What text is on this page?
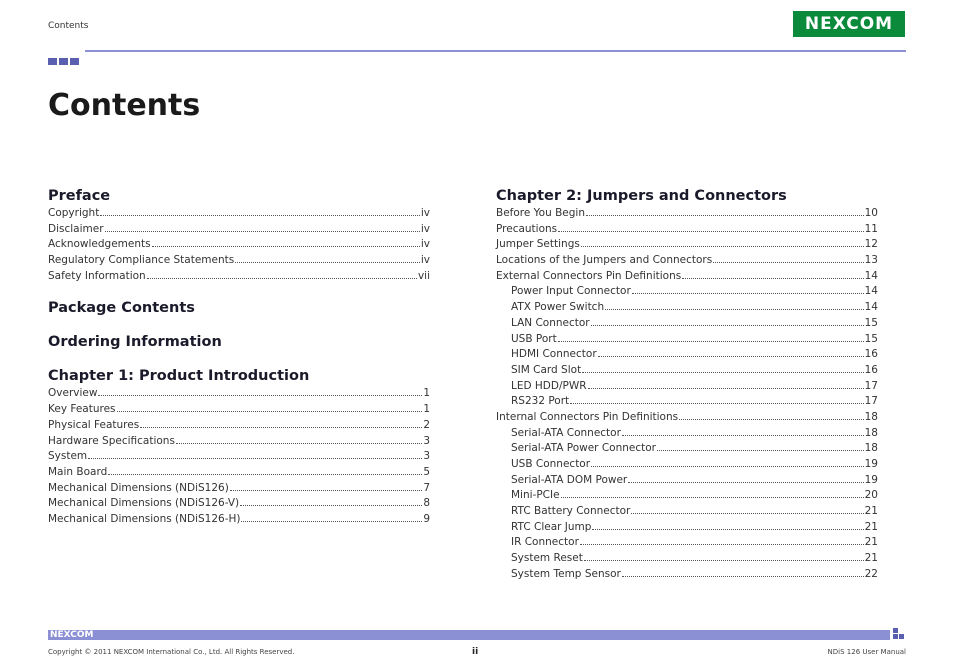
Contents	NEXCOM
Contents
Preface
Copyright	iv
Disclaimer	iv
Acknowledgements	iv
Regulatory Compliance Statements	iv
Safety Information	vii
Package Contents
Ordering Information
Chapter 1: Product Introduction
Overview	1
Key Features	1
Physical Features	2
Hardware Specifications	3
System	3
Main Board	5
Mechanical Dimensions (NDiS126)	7
Mechanical Dimensions (NDiS126-V)	8
Mechanical Dimensions (NDiS126-H)	9
Chapter 2: Jumpers and Connectors
Before You Begin	10
Precautions	11
Jumper Settings	12
Locations of the Jumpers and Connectors	13
External Connectors Pin Definitions	14
Power Input Connector	14
ATX Power Switch	14
LAN Connector	15
USB Port	15
HDMI Connector	16
SIM Card Slot	16
LED HDD/PWR	17
RS232 Port	17
Internal Connectors Pin Definitions	18
Serial-ATA Connector	18
Serial-ATA Power Connector	18
USB Connector	19
Serial-ATA DOM Power	19
Mini-PCIe	20
RTC Battery Connector	21
RTC Clear Jump	21
IR Connector	21
System Reset	21
System Temp Sensor	22
NEXCOM
Copyright © 2011 NEXCOM International Co., Ltd. All Rights Reserved.	ii	NDiS 126 User Manual
